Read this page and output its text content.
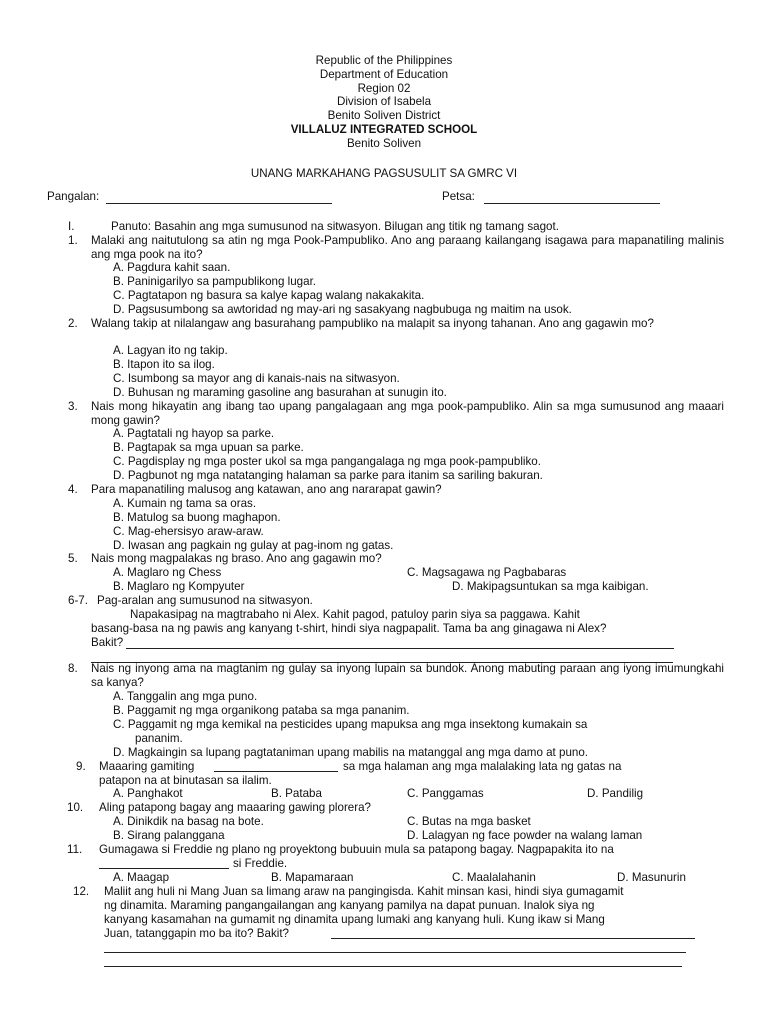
Republic of the Philippines
Department of Education
Region 02
Division of Isabela
Benito Soliven District
VILLALUZ INTEGRATED SCHOOL
Benito Soliven
UNANG MARKAHANG PAGSUSULIT SA GMRC VI
Pangalan:	Petsa:
I.	Panuto: Basahin ang mga sumusunod na sitwasyon. Bilugan ang titik ng tamang sagot.
1. Malaki ang naitutulong sa atin ng mga Pook-Pampubliko. Ano ang paraang kailangang isagawa para mapanatiling malinis ang mga pook na ito?
A. Pagdura kahit saan.
B. Paninigarilyo sa pampublikong lugar.
C. Pagtatapon ng basura sa kalye kapag walang nakakakita.
D. Pagsusumbong sa awtoridad ng may-ari ng sasakyang nagbubuga ng maitim na usok.
2. Walang takip at nilalangaw ang basurahang pampubliko na malapit sa inyong tahanan. Ano ang gagawin mo?
A. Lagyan ito ng takip.
B. Itapon ito sa ilog.
C. Isumbong sa mayor ang di kanais-nais na sitwasyon.
D. Buhusan ng maraming gasoline ang basurahan at sunugin ito.
3. Nais mong hikayatin ang ibang tao upang pangalagaan ang mga pook-pampubliko. Alin sa mga sumusunod ang maaari mong gawin?
A. Pagtatali ng hayop sa parke.
B. Pagtapak sa mga upuan sa parke.
C. Pagdisplay ng mga poster ukol sa mga pangangalaga ng mga pook-pampubliko.
D. Pagbunot ng mga natatanging halaman sa parke para itanim sa sariling bakuran.
4. Para mapanatiling malusog ang katawan, ano ang nararapat gawin?
A. Kumain ng tama sa oras.
B. Matulog sa buong maghapon.
C. Mag-ehersisyo araw-araw.
D. Iwasan ang pagkain ng gulay at pag-inom ng gatas.
5. Nais mong magpalakas ng braso. Ano ang gagawin mo?
A. Maglaro ng Chess	C. Magsagawa ng Pagbabaras
B. Maglaro ng Kompyuter	D. Makipagsuntukan sa mga kaibigan.
6-7. Pag-aralan ang sumusunod na sitwasyon.
Napakasipag na magtrabaho ni Alex. Kahit pagod, patuloy parin siya sa paggawa. Kahit
basang-basa na ng pawis ang kanyang t-shirt, hindi siya nagpapalit. Tama ba ang ginagawa ni Alex?
Bakit?
8. Nais ng inyong ama na magtanim ng gulay sa inyong lupain sa bundok. Anong mabuting paraan ang iyong imumungkahi sa kanya?
A. Tanggalin ang mga puno.
B. Paggamit ng mga organikong pataba sa mga pananim.
C. Paggamit ng mga kemikal na pesticides upang mapuksa ang mga insektong kumakain sa
pananim.
D. Magkaingin sa lupang pagtataniman upang mabilis na matanggal ang mga damo at puno.
9. Maaaring gamiting	sa mga halaman ang mga malalaking lata ng gatas na
patapon na at binutasan sa ilalim.
A. Panghakot	B. Pataba	C. Panggamas	D. Pandilig
10. Aling patapong bagay ang maaaring gawing plorera?
A. Dinikdik na basag na bote.	C. Butas na mga basket
B. Sirang palanggana	D. Lalagyan ng face powder na walang laman
11. Gumagawa si Freddie ng plano ng proyektong bubuuin mula sa patapong bagay. Nagpapakita ito na
si Freddie.
A. Maagap	B. Mapamaraan	C. Maalalahanin	D. Masunurin
12. Maliit ang huli ni Mang Juan sa limang araw na pangingisda. Kahit minsan kasi, hindi siya gumagamit
ng dinamita. Maraming pangangailangan ang kanyang pamilya na dapat punuan. Inalok siya ng
kanyang kasamahan na gumamit ng dinamita upang lumaki ang kanyang huli. Kung ikaw si Mang
Juan, tatanggapin mo ba ito? Bakit?
